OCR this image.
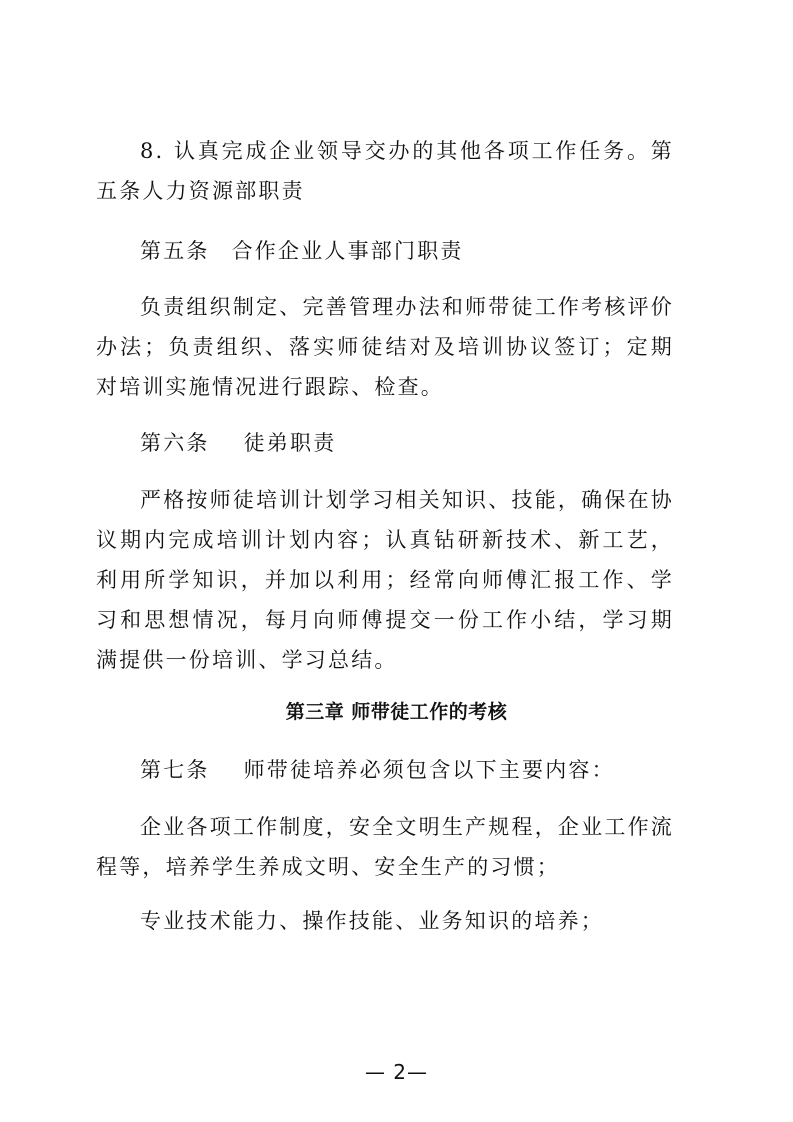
8. 认真完成企业领导交办的其他各项工作任务。第五条人力资源部职责

第五条 合作企业人事部门职责

负责组织制定、完善管理办法和师带徒工作考核评价办法；负责组织、落实师徒结对及培训协议签订；定期对培训实施情况进行跟踪、检查。

第六条 徒弟职责

严格按师徒培训计划学习相关知识、技能，确保在协议期内完成培训计划内容；认真钻研新技术、新工艺，利用所学知识，并加以利用；经常向师傅汇报工作、学习和思想情况，每月向师傅提交一份工作小结，学习期满提供一份培训、学习总结。

第三章 师带徒工作的考核

第七条 师带徒培养必须包含以下主要内容：

企业各项工作制度，安全文明生产规程，企业工作流程等，培养学生养成文明、安全生产的习惯；

专业技术能力、操作技能、业务知识的培养；

— 2—
